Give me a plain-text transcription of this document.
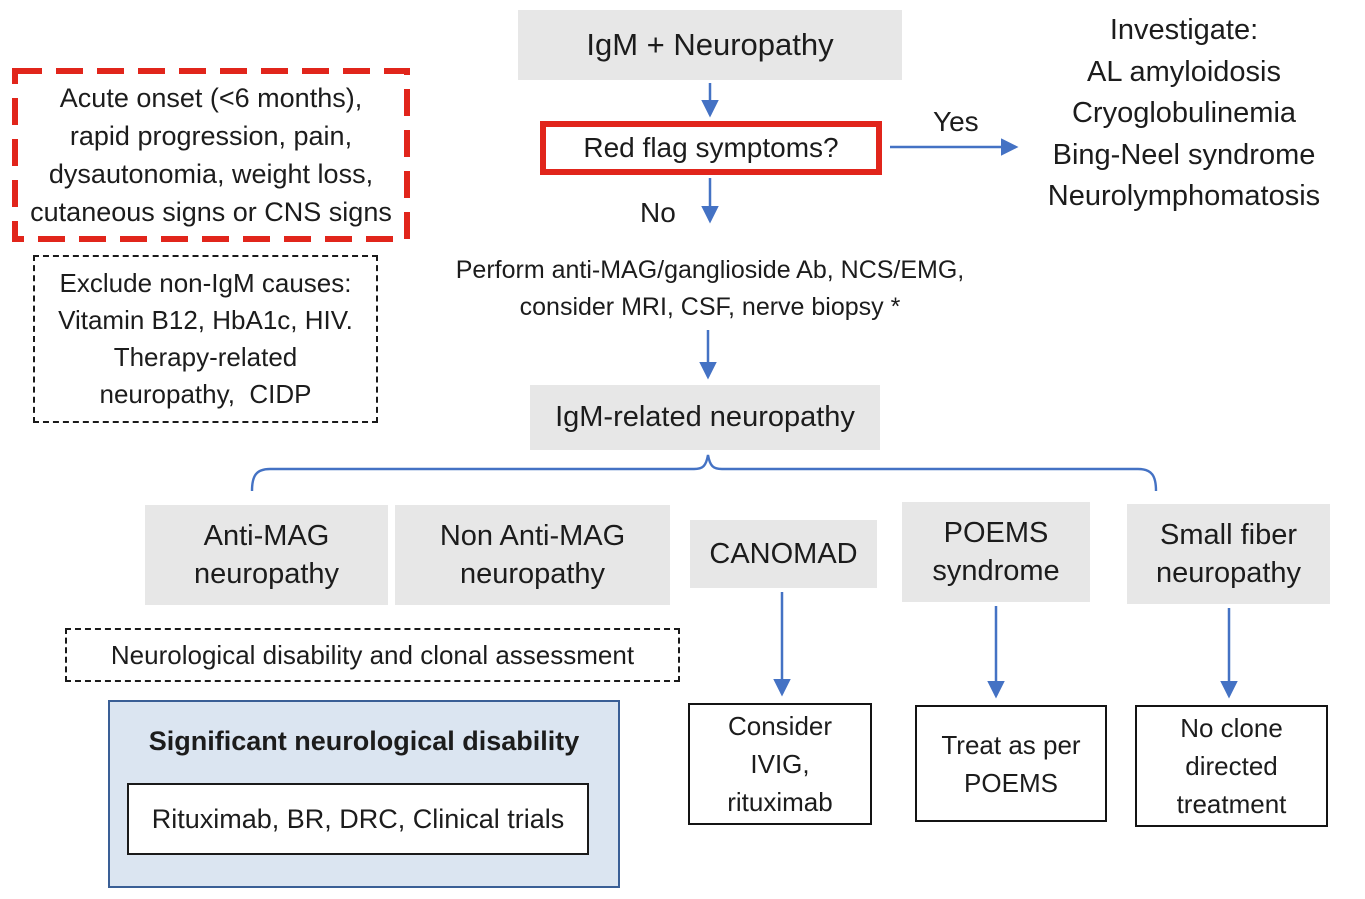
IgM + Neuropathy
Red flag symptoms?
Yes
No
Investigate:
AL amyloidosis
Cryoglobulinemia
Bing-Neel syndrome
Neurolymphomatosis
Acute onset (<6 months),
rapid progression, pain,
dysautonomia, weight loss,
cutaneous signs or CNS signs
Exclude non-IgM causes:
Vitamin B12, HbA1c, HIV.
Therapy-related
neuropathy,  CIDP
Perform anti-MAG/ganglioside Ab, NCS/EMG,
consider MRI, CSF, nerve biopsy *
IgM-related neuropathy
Anti-MAG
neuropathy
Non Anti-MAG
neuropathy
CANOMAD
POEMS
syndrome
Small fiber
neuropathy
Neurological disability and clonal assessment
Significant neurological disability
Rituximab, BR, DRC, Clinical trials
Consider
IVIG,
rituximab
Treat as per
POEMS
No clone
directed
treatment
